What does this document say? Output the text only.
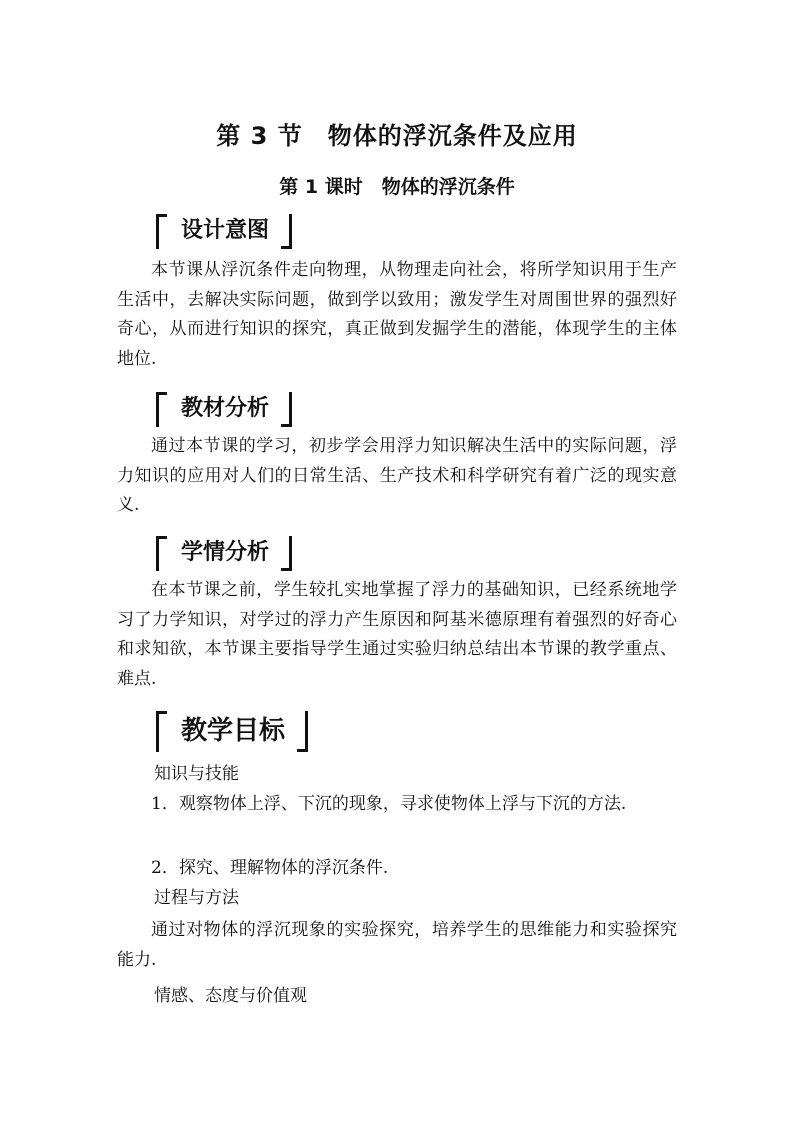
第 3 节　物体的浮沉条件及应用
第 1 课时　物体的浮沉条件
设计意图
本节课从浮沉条件走向物理，从物理走向社会，将所学知识用于生产生活中，去解决实际问题，做到学以致用；激发学生对周围世界的强烈好奇心，从而进行知识的探究，真正做到发掘学生的潜能，体现学生的主体地位.
教材分析
通过本节课的学习，初步学会用浮力知识解决生活中的实际问题，浮力知识的应用对人们的日常生活、生产技术和科学研究有着广泛的现实意义.
学情分析
在本节课之前，学生较扎实地掌握了浮力的基础知识，已经系统地学习了力学知识，对学过的浮力产生原因和阿基米德原理有着强烈的好奇心和求知欲，本节课主要指导学生通过实验归纳总结出本节课的教学重点、难点.
教学目标
知识与技能
1．观察物体上浮、下沉的现象，寻求使物体上浮与下沉的方法.
2．探究、理解物体的浮沉条件.
过程与方法
通过对物体的浮沉现象的实验探究，培养学生的思维能力和实验探究能力.
情感、态度与价值观
